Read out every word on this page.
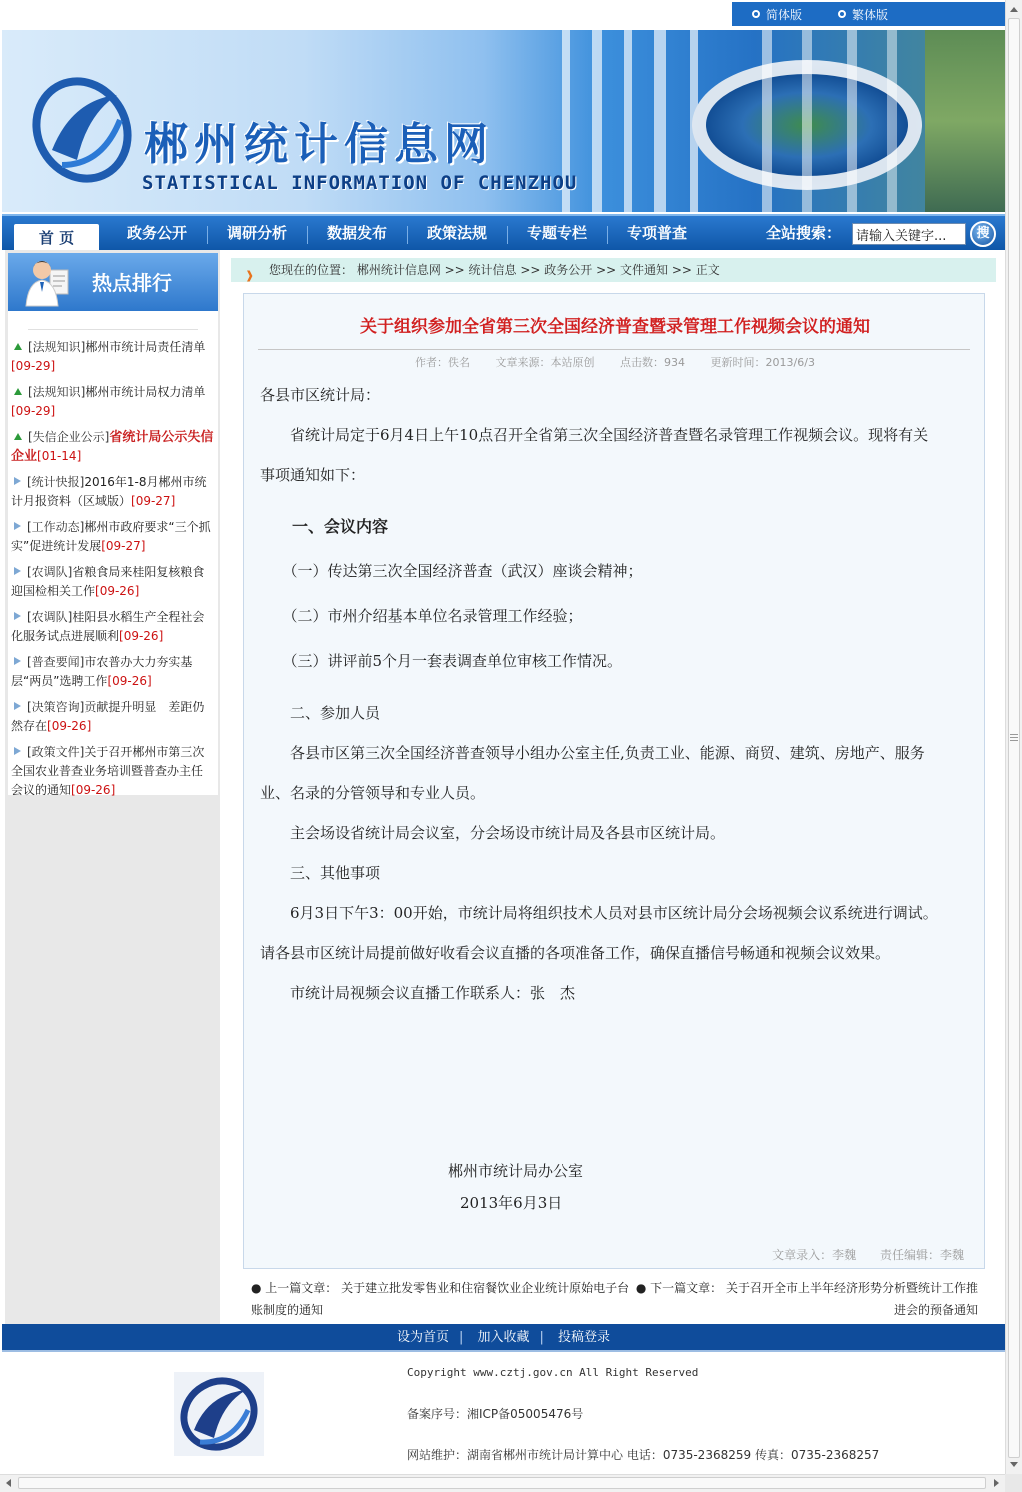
简体版	繁体版
郴州统计信息网
STATISTICAL INFORMATION OF CHENZHOU
首 页	政务公开	调研分析	数据发布	政策法规	专题专栏	专项普查	全站搜索：
请输入关键字...	搜
热点排行
[法规知识]郴州市统计局责任清单[09-29]
[法规知识]郴州市统计局权力清单[09-29]
[失信企业公示]省统计局公示失信企业[01-14]
[统计快报]2016年1-8月郴州市统计月报资料（区域版）[09-27]
[工作动态]郴州市政府要求“三个抓实”促进统计发展[09-27]
[农调队]省粮食局来桂阳复核粮食迎国检相关工作[09-26]
[农调队]桂阳县水稻生产全程社会化服务试点进展顺利[09-26]
[普查要闻]市农普办大力夯实基层“两员”选聘工作[09-26]
[决策咨询]贡献提升明显　差距仍然存在[09-26]
[政策文件]关于召开郴州市第三次全国农业普查业务培训暨普查办主任会议的通知[09-26]
❱ 您现在的位置： 郴州统计信息网 >> 统计信息 >> 政务公开 >> 文件通知 >> 正文
关于组织参加全省第三次全国经济普查暨录管理工作视频会议的通知
作者：佚名 文章来源：本站原创 点击数：934 更新时间：2013/6/3

各县市区统计局：

　　省统计局定于6月4日上午10点召开全省第三次全国经济普查暨名录管理工作视频会议。现将有关

事项通知如下：

　　一、会议内容

　　（一）传达第三次全国经济普查（武汉）座谈会精神；

　　（二）市州介绍基本单位名录管理工作经验；

　　（三）讲评前5个月一套表调查单位审核工作情况。

　　二、参加人员

　　各县市区第三次全国经济普查领导小组办公室主任,负责工业、能源、商贸、建筑、房地产、服务

业、名录的分管领导和专业人员。

　　主会场设省统计局会议室，分会场设市统计局及各县市区统计局。

　　三、其他事项

　　6月3日下午3：00开始，市统计局将组织技术人员对县市区统计局分会场视频会议系统进行调试。

请各县市区统计局提前做好收看会议直播的各项准备工作，确保直播信号畅通和视频会议效果。

　　市统计局视频会议直播工作联系人：张　杰

郴州市统计局办公室
2013年6月3日
文章录入：李魏 责任编辑：李魏
● 上一篇文章： 关于建立批发零售业和住宿餐饮业企业统计原始电子台账制度的通知
● 下一篇文章： 关于召开全市上半年经济形势分析暨统计工作推进会的预备通知
设为首页 | 加入收藏 | 投稿登录
Copyright www.cztj.gov.cn All Right Reserved
备案序号：湘ICP备05005476号
网站维护：湖南省郴州市统计局计算中心 电话：0735-2368259 传真：0735-2368257
